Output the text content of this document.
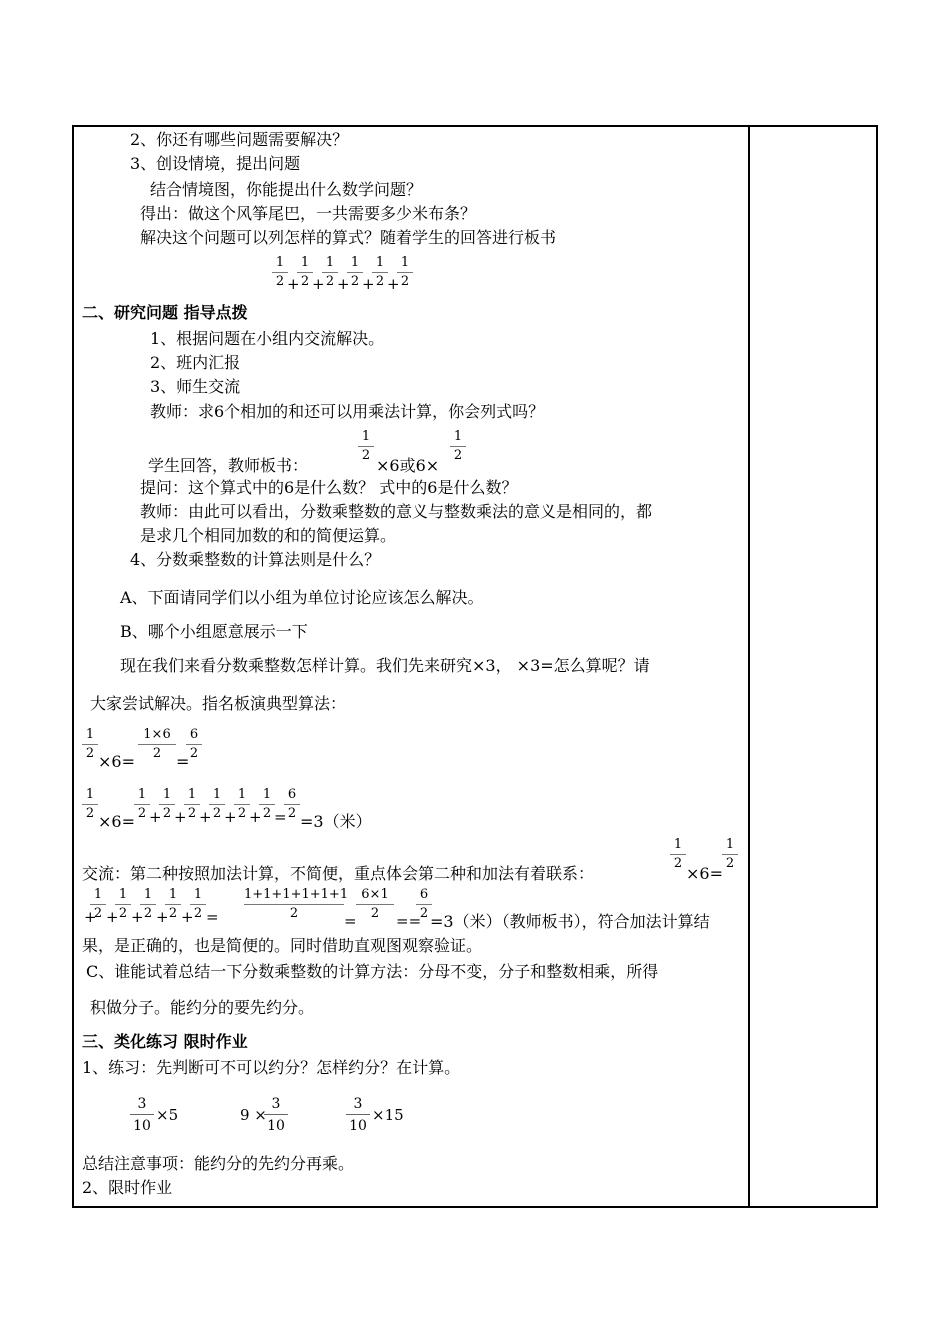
2、你还有哪些问题需要解决？
3、创设情境，提出问题
结合情境图，你能提出什么数学问题？
得出：做这个风筝尾巴，一共需要多少米布条？
解决这个问题可以列怎样的算式？随着学生的回答进行板书
$\frac{1}{2}$ +
$\frac{1}{2}$ +
$\frac{1}{2}$ +
$\frac{1}{2}$ +
$\frac{1}{2}$ +
$\frac{1}{2}$
二、研究问题 指导点拨
1、根据问题在小组内交流解决。
2、班内汇报
3、师生交流
教师：求6个相加的和还可以用乘法计算，你会列式吗？
学生回答，教师板书：
$\frac{1}{2}$
×6或6×
$\frac{1}{2}$
提问：这个算式中的6是什么数？ 式中的6是什么数？
教师：由此可以看出，分数乘整数的意义与整数乘法的意义是相同的，都
是求几个相同加数的和的简便运算。
4、分数乘整数的计算法则是什么？
A、下面请同学们以小组为单位讨论应该怎么解决。
B、哪个小组愿意展示一下
现在我们来看分数乘整数怎样计算。我们先来研究×3， ×3=怎么算呢？请
大家尝试解决。指名板演典型算法：
$\frac{1}{2}$
×6=
$\frac{1\times 6}{2}$
=
$\frac{6}{2}$
$\frac{1}{2}$
×6=
$\frac{1}{2}$ +
$\frac{1}{2}$ +
$\frac{1}{2}$ +
$\frac{1}{2}$ +
$\frac{1}{2}$ +
$\frac{1}{2}$ =
$\frac{6}{2}$
=3（米）
交流：第二种按照加法计算，不简便，重点体会第二种和加法有着联系：
$\frac{1}{2}$
×6=
$\frac{1}{2}$
$\frac{1}{2}$
+ +
$\frac{1}{2}$ +
$\frac{1}{2}$ +
$\frac{1}{2}$ +
$\frac{1}{2} = \frac{1+1+1+1+1+1}{2} = \frac{6\times 1}{2}$ ==
$\frac{6}{2}$
=3（米）（教师板书），符合加法计算结
果，是正确的，也是简便的。同时借助直观图观察验证。
C、谁能试着总结一下分数乘整数的计算方法：分母不变，分子和整数相乘，所得
积做分子。能约分的要先约分。
三、类化练习 限时作业
1、练习：先判断可不可以约分？怎样约分？在计算。
3
10
×5	9 ×
3
10
3
10
×15
总结注意事项：能约分的先约分再乘。
2、限时作业
